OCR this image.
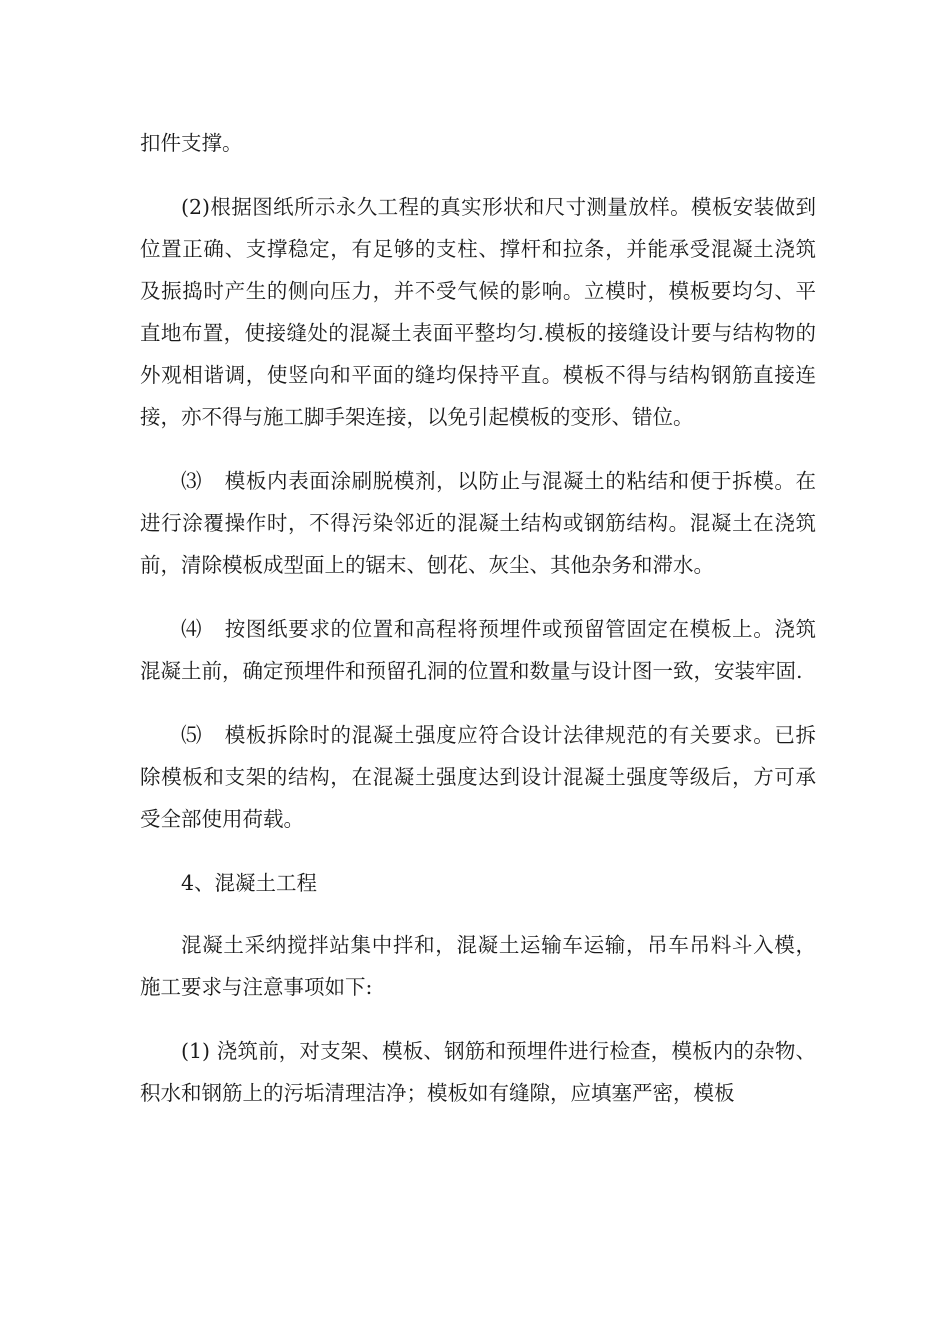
扣件支撑。

(2)根据图纸所示永久工程的真实形状和尺寸测量放样。模板安装做到位置正确、支撑稳定，有足够的支柱、撑杆和拉条，并能承受混凝土浇筑及振捣时产生的侧向压力，并不受气候的影响。立模时，模板要均匀、平直地布置，使接缝处的混凝土表面平整均匀.模板的接缝设计要与结构物的外观相谐调，使竖向和平面的缝均保持平直。模板不得与结构钢筋直接连接，亦不得与施工脚手架连接，以免引起模板的变形、错位。

⑶ 模板内表面涂刷脱模剂，以防止与混凝土的粘结和便于拆模。在进行涂覆操作时，不得污染邻近的混凝土结构或钢筋结构。混凝土在浇筑前，清除模板成型面上的锯末、刨花、灰尘、其他杂务和滞水。

⑷ 按图纸要求的位置和高程将预埋件或预留管固定在模板上。浇筑混凝土前，确定预埋件和预留孔洞的位置和数量与设计图一致，安装牢固.

⑸ 模板拆除时的混凝土强度应符合设计法律规范的有关要求。已拆除模板和支架的结构，在混凝土强度达到设计混凝土强度等级后，方可承受全部使用荷载。

4、混凝土工程

混凝土采纳搅拌站集中拌和，混凝土运输车运输，吊车吊料斗入模，施工要求与注意事项如下:

(1) 浇筑前，对支架、模板、钢筋和预埋件进行检查，模板内的杂物、积水和钢筋上的污垢清理洁净；模板如有缝隙，应填塞严密，模板
